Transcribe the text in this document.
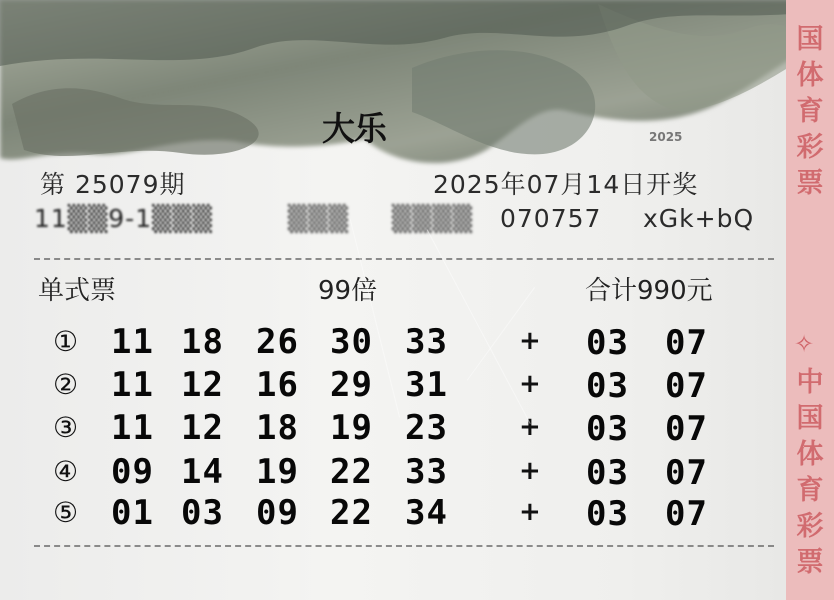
大乐	2025
国体育彩票
✧
中国体育彩票
第 25079期	2025年07月14日开奖
11▒▒9-1▒▒▒	▒▒▒ ▒▒▒▒ 070757 xGk+bQ
单式票	99倍	合计990元
① 11 18 26 30 33	+ 03 07
② 11 12 16 29 31	+ 03 07
③ 11 12 18 19 23	+ 03 07
④ 09 14 19 22 33	+ 03 07
⑤ 01 03 09 22 34	+ 03 07
